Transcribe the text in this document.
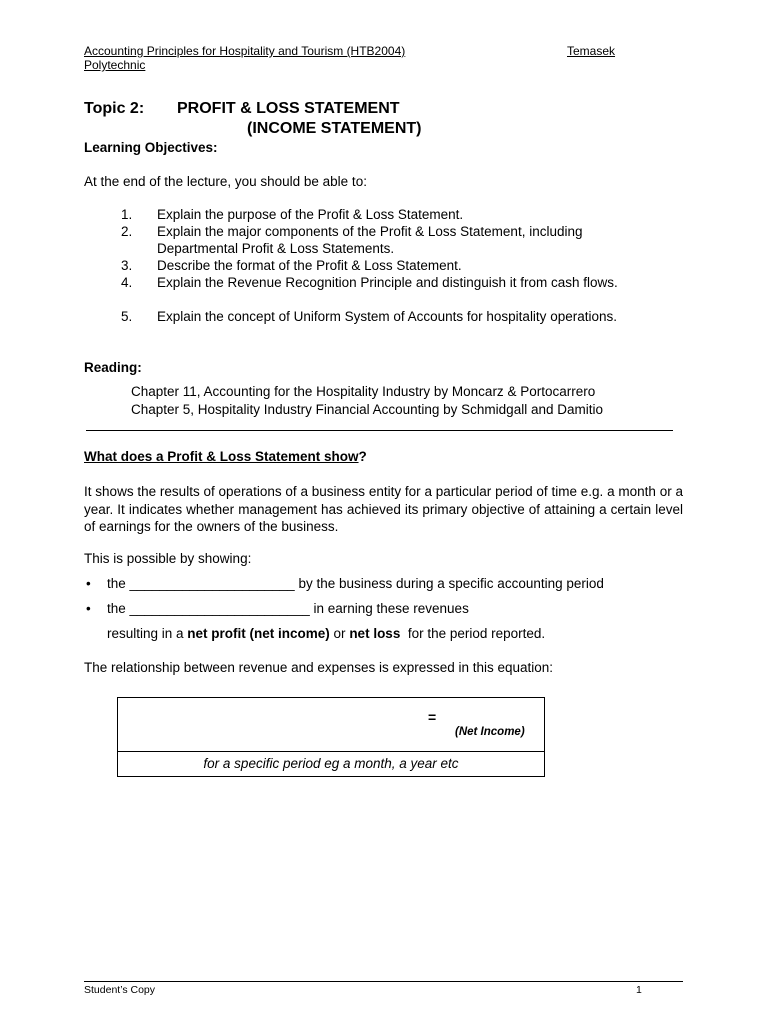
Accounting Principles for Hospitality and Tourism (HTB2004)	Temasek
Polytechnic
Topic 2: PROFIT & LOSS STATEMENT
(INCOME STATEMENT)
Learning Objectives:
At the end of the lecture, you should be able to:
1.	Explain the purpose of the Profit & Loss Statement.
2.	Explain the major components of the Profit & Loss Statement, including Departmental Profit & Loss Statements.
3.	Describe the format of the Profit & Loss Statement.
4.	Explain the Revenue Recognition Principle and distinguish it from cash flows.
5.	Explain the concept of Uniform System of Accounts for hospitality operations.
Reading:
Chapter 11, Accounting for the Hospitality Industry by Moncarz & Portocarrero
Chapter 5, Hospitality Industry Financial Accounting by Schmidgall and Damitio
What does a Profit & Loss Statement show?
It shows the results of operations of a business entity for a particular period of time e.g. a month or a year. It indicates whether management has achieved its primary objective of attaining a certain level of earnings for the owners of the business.
This is possible by showing:

•

the ______________________ by the business during a specific accounting period

•

the ________________________ in earning these revenues

resulting in a net profit (net income) or net loss  for the period reported.
The relationship between revenue and expenses is expressed in this equation:
=
(Net Income)
for a specific period eg a month, a year etc
Student’s Copy	1
